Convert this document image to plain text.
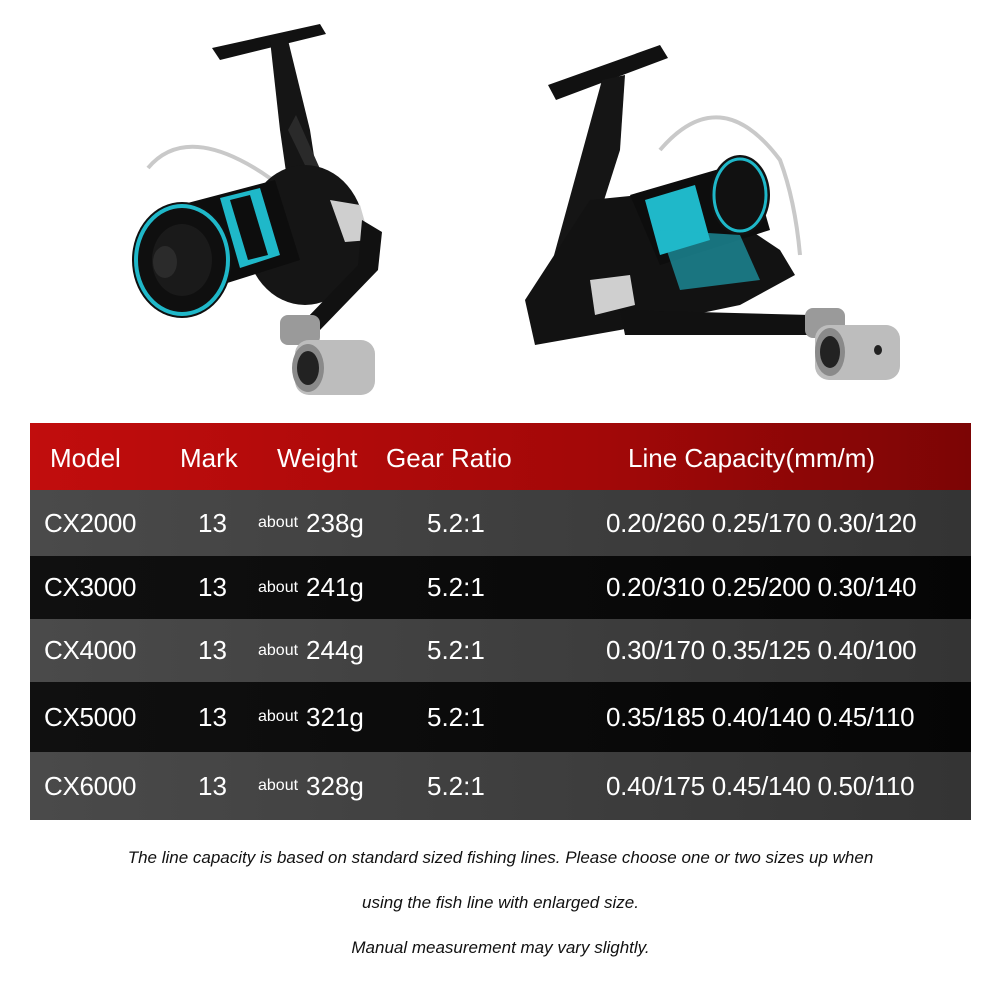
Model Mark Weight Gear Ratio	Line Capacity(mm/m)
CX2000 13 about 238g 5.2:1	0.20/260 0.25/170 0.30/120
CX3000 13 about 241g 5.2:1	0.20/310 0.25/200 0.30/140
CX4000 13 about 244g 5.2:1	0.30/170 0.35/125 0.40/100
CX5000 13 about 321g 5.2:1	0.35/185 0.40/140 0.45/110
CX6000 13 about 328g 5.2:1	0.40/175 0.45/140 0.50/110
The line capacity is based on standard sized fishing lines. Please choose one or two sizes up when
using the fish line with enlarged size.
Manual measurement may vary slightly.
